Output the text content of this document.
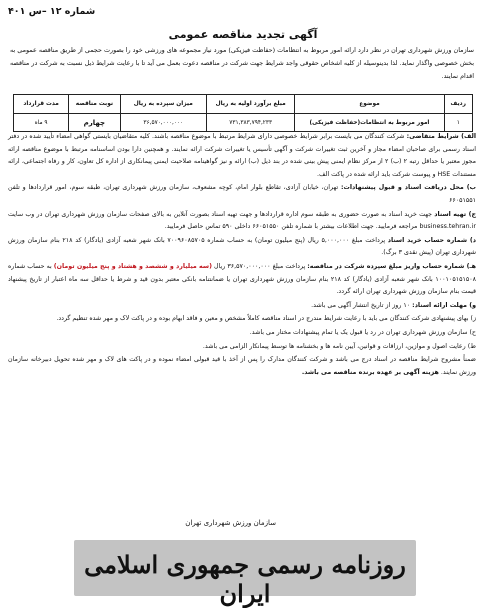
شماره ۱۲ –س ۴۰۱
آگهی تجدید مناقصه عمومی
سازمان ورزش شهرداری تهران در نظر دارد ارائه امور مربوط به انتظامات (حفاظت فیزیکی) مورد نیاز مجموعه های ورزشی خود را بصورت حجمی از طریق مناقصه عمومی به بخش خصوصی واگذار نماید. لذا بدینوسیله از کلیه اشخاص حقوقی واجد شرایط جهت شرکت در مناقصه دعوت بعمل می آید تا با رعایت شرایط ذیل نسبت به شرکت در مناقصه اقدام نمایند.
ردیف	موضوع	مبلغ برآورد اولیه به ریال	میزان سپرده به ریال	نوبت مناقصه	مدت قرارداد
۱	امور مربوط به انتظامات(حفاظت فیزیکی)	۷۳۱,۳۸۳,۷۹۴,۲۳۳	۳۶,۵۷۰,۰۰۰,۰۰۰	چهارم	۹ ماه

الف) شرایط متقاضی: شرکت کنندگان می بایست برابر شرایط خصوصی دارای شرایط مرتبط با موضوع مناقصه باشند. کلیه متقاضیان بایستی گواهی امضاء تأیید شده در دفتر اسناد رسمی برای صاحبان امضاء مجاز و آخرین ثبت تغییرات شرکت و آگهی تأسیس یا تغییرات شرکت ارائه نمایند. و همچنین دارا بودن اساسنامه مرتبط با موضوع مناقصه ارائه مجوز معتبر یا حداقل رتبه ۲ (ب) ۲ از مرکز نظام ایمنی پیش بینی شده در بند ذیل (ب) ارائه و نیز گواهینامه صلاحیت ایمنی پیمانکاری از اداره کل تعاون، کار و رفاه اجتماعی، ارائه مستندات HSE و پیوست شرکت باید ارائه شده در پاکت الف.

ب) محل دریافت اسناد و قبول پیشنهادات: تهران، خیابان آزادی، تقاطع بلوار امام، کوچه مشعوف، سازمان ورزش شهرداری تهران، طبقه سوم، امور قراردادها و تلفن ۶۶۰۵۱۵۵۱

ج) تهیه اسناد جهت خرید اسناد به صورت حضوری به طبقه سوم اداره قراردادها و جهت تهیه اسناد بصورت آنلاین به بالای صفحات سازمان ورزش شهرداری تهران در وب سایت business.tehran.ir مراجعه فرمایید. جهت اطلاعات بیشتر با شماره تلفن ۶۶۰۵۱۵۵۰ داخلی ۵۹۰ تماس حاصل فرمایید.

د) شماره حساب خرید اسناد پرداخت مبلغ ۵,۰۰۰,۰۰۰ ریال (پنج میلیون تومان) به حساب شماره ۷۰۰۹۶۰۸۵۷۰۵ بانک شهر شعبه آزادی (یادگار) کد ۲۱۸ بنام سازمان ورزش شهرداری تهران (پیش نقدی ۳ برگ).

هـ) شماره حساب واریز مبلغ سپرده شرکت در مناقصه: پرداخت مبلغ ۳۶,۵۷۰,۰۰۰,۰۰۰ ریال (سه میلیارد و ششصد و هشتاد و پنج میلیون تومان) به حساب شماره ۱۰۰۱۰۵۱۵۱۵۰۸ بانک شهر شعبه آزادی (یادگار) کد ۲۱۸ بنام سازمان ورزش شهرداری تهران یا ضمانتنامه بانکی معتبر بدون قید و شرط یا حداقل سه ماه اعتبار از تاریخ پیشنهاد قیمت بنام سازمان ورزش شهرداری تهران ارائه گردد.

و) مهلت ارائه اسناد: ۱۰ روز از تاریخ انتشار آگهی می باشد.

ز) بهای پیشنهادی شرکت کنندگان می باید با رعایت شرایط مندرج در اسناد مناقصه کاملاً مشخص و معین و فاقد ابهام بوده و در پاکت لاک و مهر شده تنظیم گردد.

ح) سازمان ورزش شهرداری تهران در رد یا قبول یک یا تمام پیشنهادات مختار می باشد.

ط) رعایت اصول و موازین، ارزاقات و قوانین، آیین نامه ها و بخشنامه ها توسط پیمانکار الزامی می باشد.

ضمناً مشروح شرایط مناقصه در اسناد درج می باشد و شرکت کنندگان مدارک را پس از آخذ با قید قبولی امضاء نموده و در پاکت های لاک و مهر شده تحویل دبیرخانه سازمان ورزش نمایند. هزینه آگهی بر عهده برنده مناقصه می باشد.

سازمان ورزش شهرداری تهران
روزنامه رسمی جمهوری اسلامی ایران
